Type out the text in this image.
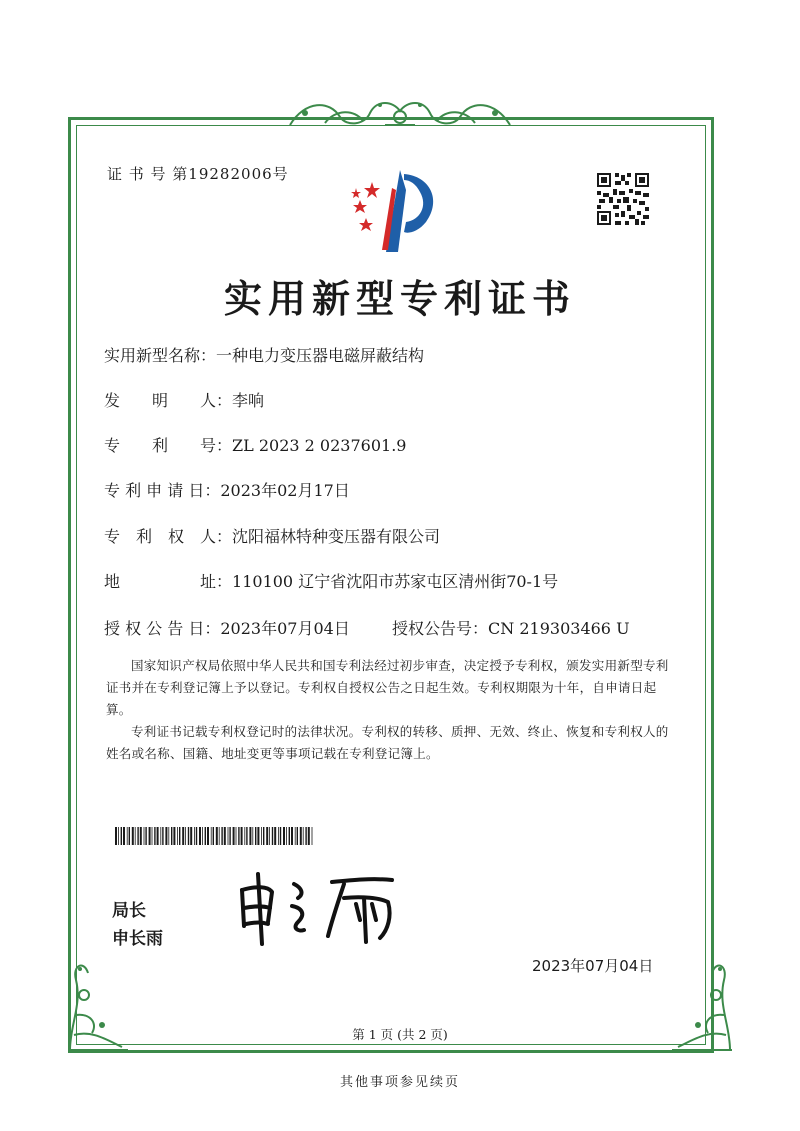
证 书 号 第19282006号
实用新型专利证书
实用新型名称：一种电力变压器电磁屏蔽结构
发　　明　　人：李响
专　　利　　号：ZL 2023 2 0237601.9
专 利 申 请 日：2023年02月17日
专　利　权　人：沈阳福林特种变压器有限公司
地　　　　　址：110100 辽宁省沈阳市苏家屯区清州街70-1号
授 权 公 告 日：2023年07月04日	授权公告号：CN 219303466 U
国家知识产权局依照中华人民共和国专利法经过初步审查，决定授予专利权，颁发实用新型专利证书并在专利登记簿上予以登记。专利权自授权公告之日起生效。专利权期限为十年，自申请日起算。
专利证书记载专利权登记时的法律状况。专利权的转移、质押、无效、终止、恢复和专利权人的姓名或名称、国籍、地址变更等事项记载在专利登记簿上。
局长
申长雨
2023年07月04日
第 1 页 (共 2 页)
其他事项参见续页
